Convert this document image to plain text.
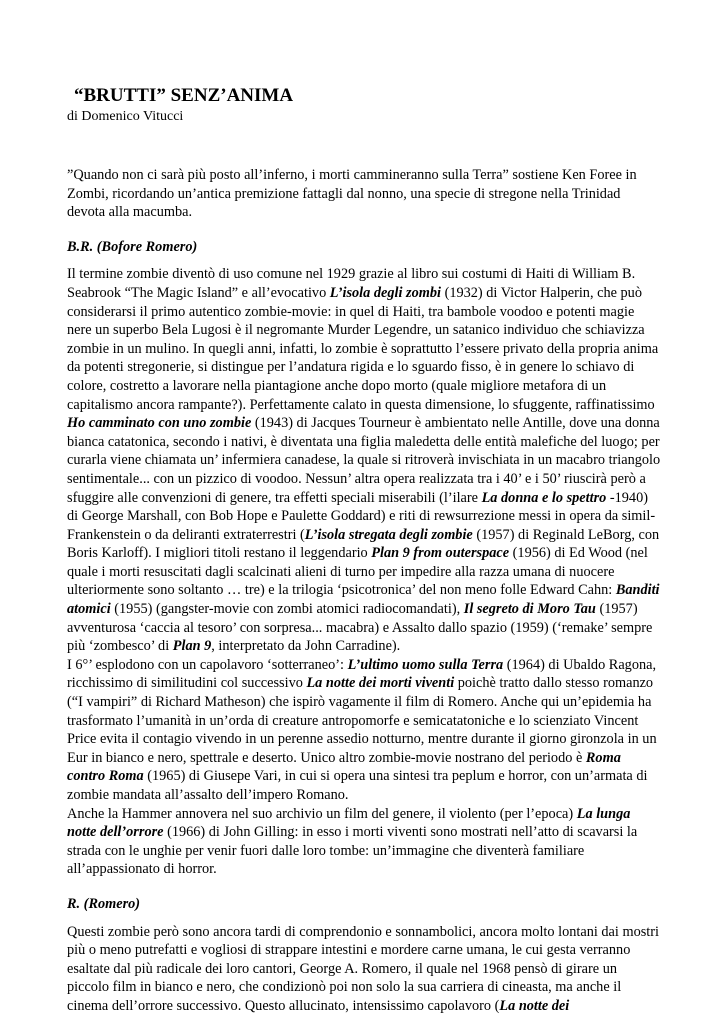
“BRUTTI” SENZ’ANIMA
di Domenico Vitucci

”Quando non ci sarà più posto all’inferno, i morti cammineranno sulla Terra” sostiene Ken Foree in Zombi, ricordando un’antica premizione fattagli dal nonno, una specie di stregone nella Trinidad devota alla macumba.

B.R. (Bofore Romero)

Il termine zombie diventò di uso comune nel 1929 grazie al libro sui costumi di Haiti di William B. Seabrook “The Magic Island” e all’evocativo L’isola degli zombi (1932) di Victor Halperin, che può considerarsi il primo autentico zombie-movie: in quel di Haiti, tra bambole voodoo e potenti magie nere un superbo Bela Lugosi è il negromante Murder Legendre, un satanico individuo che schiavizza zombie in un mulino. In quegli anni, infatti, lo zombie è soprattutto l’essere privato della propria anima da potenti stregonerie, si distingue per l’andatura rigida e lo sguardo fisso, è in genere lo schiavo di colore, costretto a lavorare nella piantagione anche dopo morto (quale migliore metafora di un capitalismo ancora rampante?). Perfettamente calato in questa dimensione, lo sfuggente, raffinatissimo Ho camminato con uno zombie (1943) di Jacques Tourneur è ambientato nelle Antille, dove una donna bianca catatonica, secondo i nativi, è diventata una figlia maledetta delle entità malefiche del luogo; per curarla viene chiamata un’ infermiera canadese, la quale si ritroverà invischiata in un macabro triangolo sentimentale... con un pizzico di voodoo. Nessun’ altra opera realizzata tra i 40’ e i 50’ riuscirà però a sfuggire alle convenzioni di genere, tra effetti speciali miserabili (l’ilare La donna e lo spettro -1940) di George Marshall, con Bob Hope e Paulette Goddard) e riti di rewsurrezione messi in opera da simil-Frankenstein o da deliranti extraterrestri (L’isola stregata degli zombie (1957) di Reginald LeBorg, con Boris Karloff). I migliori titoli restano il leggendario Plan 9 from outerspace (1956) di Ed Wood (nel quale i morti resuscitati dagli scalcinati alieni di turno per impedire alla razza umana di nuocere ulteriormente sono soltanto … tre) e la trilogia ‘psicotronica’ del non meno folle Edward Cahn: Banditi atomici (1955) (gangster-movie con zombi atomici radiocomandati), Il segreto di Moro Tau (1957) avventurosa ‘caccia al tesoro’ con sorpresa... macabra) e Assalto dallo spazio (1959) (‘remake’ sempre più ‘zombesco’ di Plan 9, interpretato da John Carradine).

I 6°’ esplodono con un capolavoro ‘sotterraneo’: L’ultimo uomo sulla Terra (1964) di Ubaldo Ragona, ricchissimo di similitudini col successivo La notte dei morti viventi poichè tratto dallo stesso romanzo (“I vampiri” di Richard Matheson) che ispirò vagamente il film di Romero. Anche qui un’epidemia ha trasformato l’umanità in un’orda di creature antropomorfe e semicatatoniche e lo scienziato Vincent Price evita il contagio vivendo in un perenne assedio notturno, mentre durante il giorno gironzola in un Eur in bianco e nero, spettrale e deserto. Unico altro zombie-movie nostrano del periodo è Roma contro Roma (1965) di Giusepe Vari, in cui si opera una sintesi tra peplum e horror, con un’armata di zombie mandata all’assalto dell’impero Romano.

Anche la Hammer annovera nel suo archivio un film del genere, il violento (per l’epoca) La lunga notte dell’orrore (1966) di John Gilling: in esso i morti viventi sono mostrati nell’atto di scavarsi la strada con le unghie per venir fuori dalle loro tombe: un’immagine che diventerà familiare all’appassionato di horror.

R. (Romero)

Questi zombie però sono ancora tardi di comprendonio e sonnambolici, ancora molto lontani dai mostri più o meno putrefatti e vogliosi di strappare intestini e mordere carne umana, le cui gesta verranno esaltate dal più radicale dei loro cantori, George A. Romero, il quale nel 1968 pensò di girare un piccolo film in bianco e nero, che condizionò poi non solo la sua carriera di cineasta, ma anche il cinema dell’orrore successivo. Questo allucinato, intensissimo capolavoro (La notte dei
